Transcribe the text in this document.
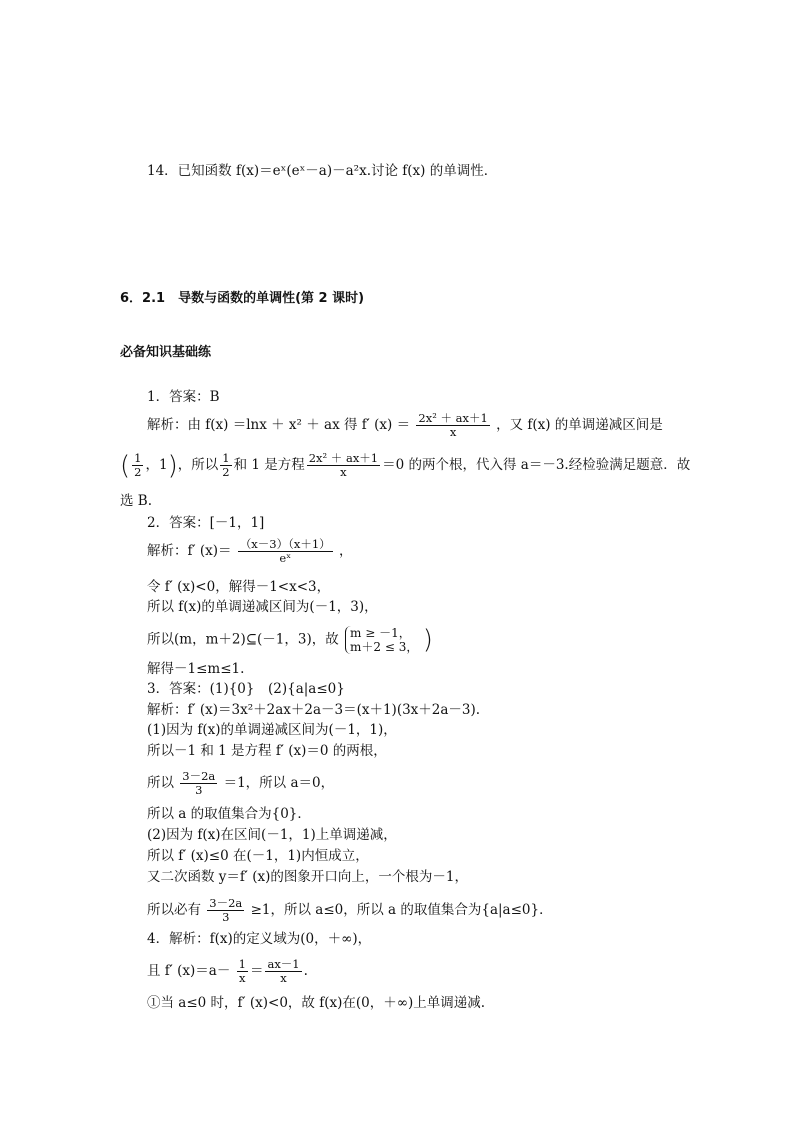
14．已知函数 f(x)＝eˣ(eˣ－a)－a²x.讨论 f(x) 的单调性．
6．2.1　导数与函数的单调性(第 2 课时)
必备知识基础练
1．答案：B
解析：由 f(x) ＝lnx ＋ x² ＋ ax 得 f′ $(x) = \frac{\text{2x² ＋ ax＋1}}{x}$ ，又 f(x) 的单调递减区间是
( $\frac{1}{2}$ ，1)，所以 $\frac{1}{2}$ 和 1 是方程 $\frac{\text{2x² ＋ ax＋1}}{x} =0$ 的两个根，代入得 a＝－3.经检验满足题意．故
选 B.
2．答案：[－1，1]
解析：f′ $(x)= \frac{(x-3)(x+1)}{\text{eˣ}}$ ，
令 f′ (x)<0，解得－1<x<3，
所以 f(x)的单调递减区间为(－1，3)，
所以(m，m＋2)⊆(－1，3)，故 m ≥ －1，
m＋2 ≤ 3， )
解得－1≤m≤1.
3．答案：(1){0}　(2){a|a≤0}
解析：f′ (x)＝3x²＋2ax＋2a－3＝(x＋1)(3x＋2a－3).
(1)因为 f(x)的单调递减区间为(－1，1)，
所以－1 和 1 是方程 f′ (x)＝0 的两根，
所以 $\frac{3-2a}{3} =1$，所以 a＝0，
所以 a 的取值集合为{0}．
(2)因为 f(x)在区间(－1，1)上单调递减，
所以 f′ (x)≤0 在(－1，1)内恒成立，
又二次函数 y＝f′ (x)的图象开口向上，一个根为－1，
所以必有 $\frac{3-2a}{3} \ge 1$，所以 a≤0，所以 a 的取值集合为{a|a≤0}．
4．解析：f(x)的定义域为(0，＋∞)，
且 f′ $(x)=a- \frac{1}{x} = \frac{ax-1}{x}$ .
①当 a≤0 时，f′ (x)<0，故 f(x)在(0，＋∞)上单调递减.
